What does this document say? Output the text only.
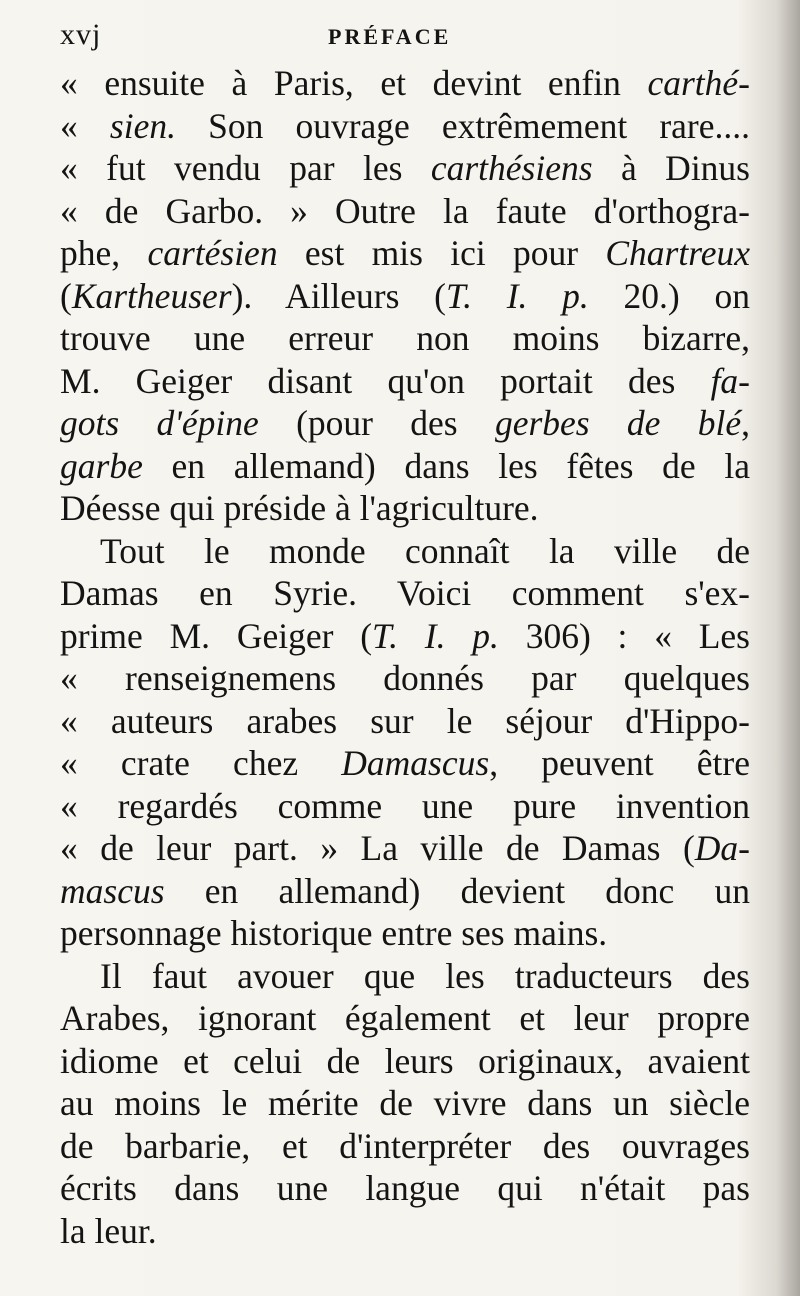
xvj	PRÉFACE
« ensuite à Paris, et devint enfin carthé-
« sien. Son ouvrage extrêmement rare....
« fut vendu par les carthésiens à Dinus
« de Garbo. » Outre la faute d'orthogra-
phe, cartésien est mis ici pour Chartreux
(Kartheuser). Ailleurs (T. I. p. 20.) on
trouve une erreur non moins bizarre,
M. Geiger disant qu'on portait des fa-
gots d'épine (pour des gerbes de blé,
garbe en allemand) dans les fêtes de la
Déesse qui préside à l'agriculture.
Tout le monde connaît la ville de
Damas en Syrie. Voici comment s'ex-
prime M. Geiger (T. I. p. 306) : « Les
« renseignemens donnés par quelques
« auteurs arabes sur le séjour d'Hippo-
« crate chez Damascus, peuvent être
« regardés comme une pure invention
« de leur part. » La ville de Damas (Da-
mascus en allemand) devient donc un
personnage historique entre ses mains.
Il faut avouer que les traducteurs des
Arabes, ignorant également et leur propre
idiome et celui de leurs originaux, avaient
au moins le mérite de vivre dans un siècle
de barbarie, et d'interpréter des ouvrages
écrits dans une langue qui n'était pas
la leur.
